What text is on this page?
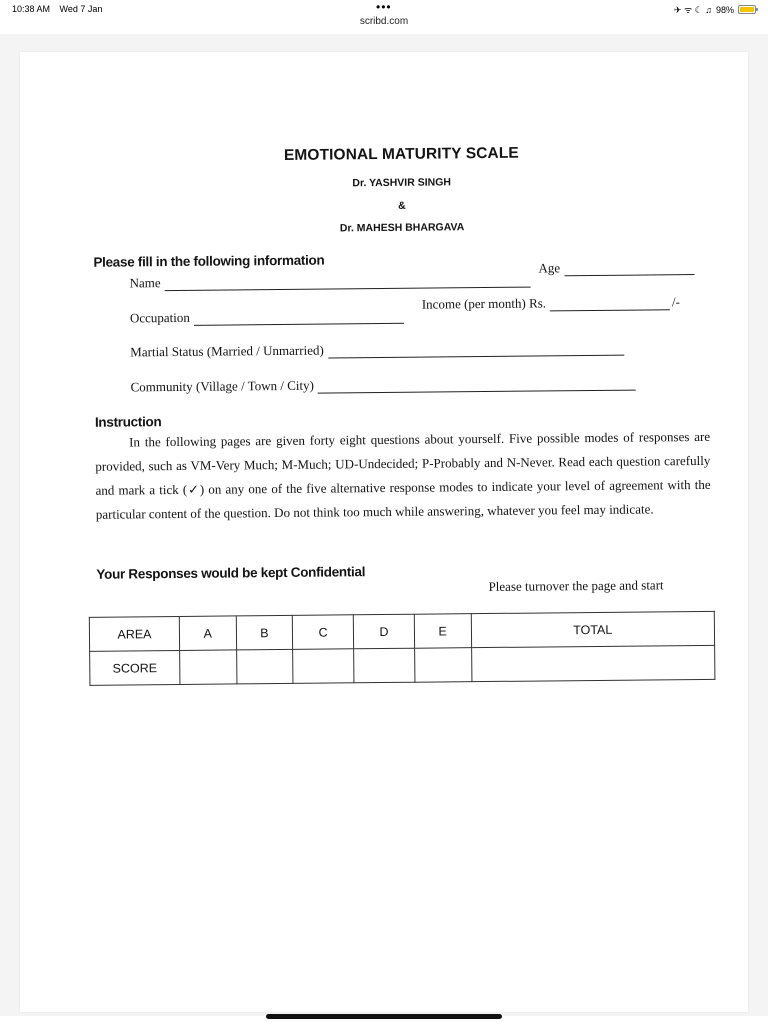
10:38 AM Wed 7 Jan	•••	✈ ᯤ ☾ ♫ 98%
scribd.com
EMOTIONAL MATURITY SCALE
Dr. YASHVIR SINGH
&
Dr. MAHESH BHARGAVA
Please fill in the following information
Name
Age
Occupation
Income (per month) Rs.	/-
Martial Status (Married / Unmarried)
Community (Village / Town / City)
Instruction
In the following pages are given forty eight questions about yourself. Five possible modes of responses are provided, such as VM-Very Much; M-Much; UD-Undecided; P-Probably and N-Never. Read each question carefully and mark a tick (✓) on any one of the five alternative response modes to indicate your level of agreement with the particular content of the question. Do not think too much while answering, whatever you feel may indicate.
Your Responses would be kept Confidential
Please turnover the page and start
AREA	A	B	C	D	E	TOTAL
SCORE						
